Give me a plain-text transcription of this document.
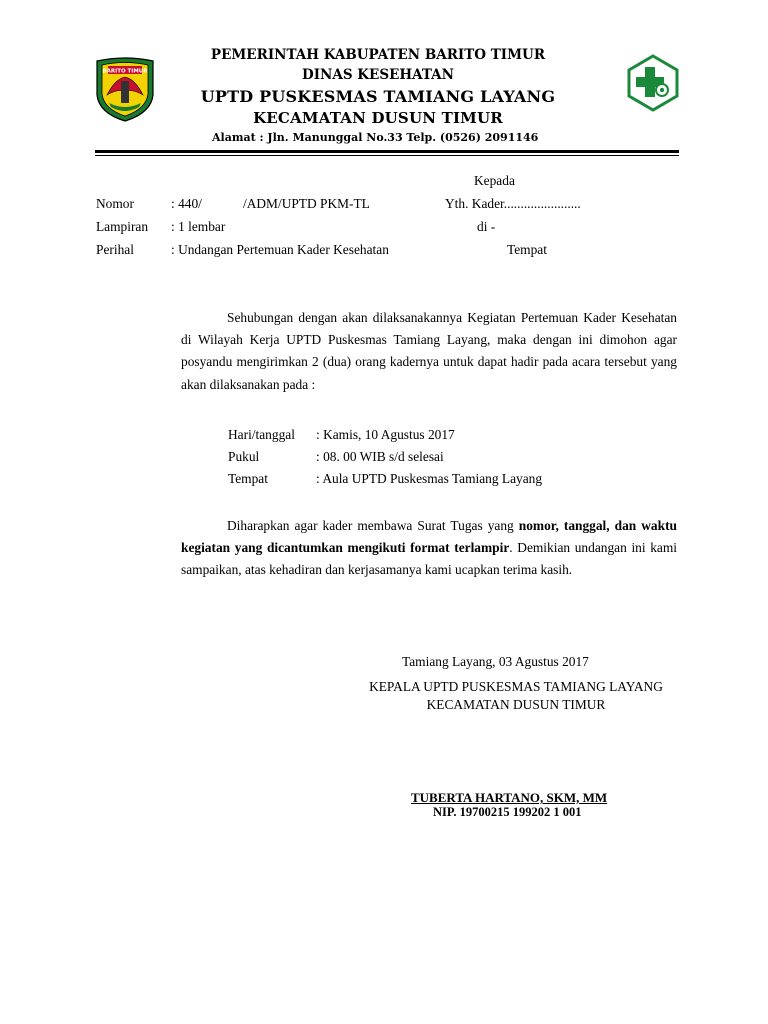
BARITO TIMUR
PEMERINTAH KABUPATEN BARITO TIMUR
DINAS KESEHATAN
UPTD PUSKESMAS TAMIANG LAYANG
KECAMATAN DUSUN TIMUR
Alamat : Jln. Manunggal No.33 Telp. (0526) 2091146
Kepada
Yth. Kader.......................
di -
Tempat
Nomor	: 440/	/ADM/UPTD PKM-TL
Lampiran : 1 lembar
Perihal	: Undangan Pertemuan Kader Kesehatan
Sehubungan dengan akan dilaksanakannya Kegiatan Pertemuan Kader Kesehatan di Wilayah Kerja UPTD Puskesmas Tamiang Layang, maka dengan ini dimohon agar posyandu mengirimkan 2 (dua) orang kadernya untuk dapat hadir pada acara tersebut yang akan dilaksanakan pada :
Hari/tanggal : Kamis, 10 Agustus 2017
Pukul	: 08. 00 WIB s/d selesai
Tempat	: Aula UPTD Puskesmas Tamiang Layang
Diharapkan agar kader membawa Surat Tugas yang nomor, tanggal, dan waktu kegiatan yang dicantumkan mengikuti format terlampir. Demikian undangan ini kami sampaikan, atas kehadiran dan kerjasamanya kami ucapkan terima kasih.
Tamiang Layang, 03 Agustus 2017
KEPALA UPTD PUSKESMAS TAMIANG LAYANG
KECAMATAN DUSUN TIMUR
TUBERTA HARTANO, SKM, MM
NIP. 19700215 199202 1 001
